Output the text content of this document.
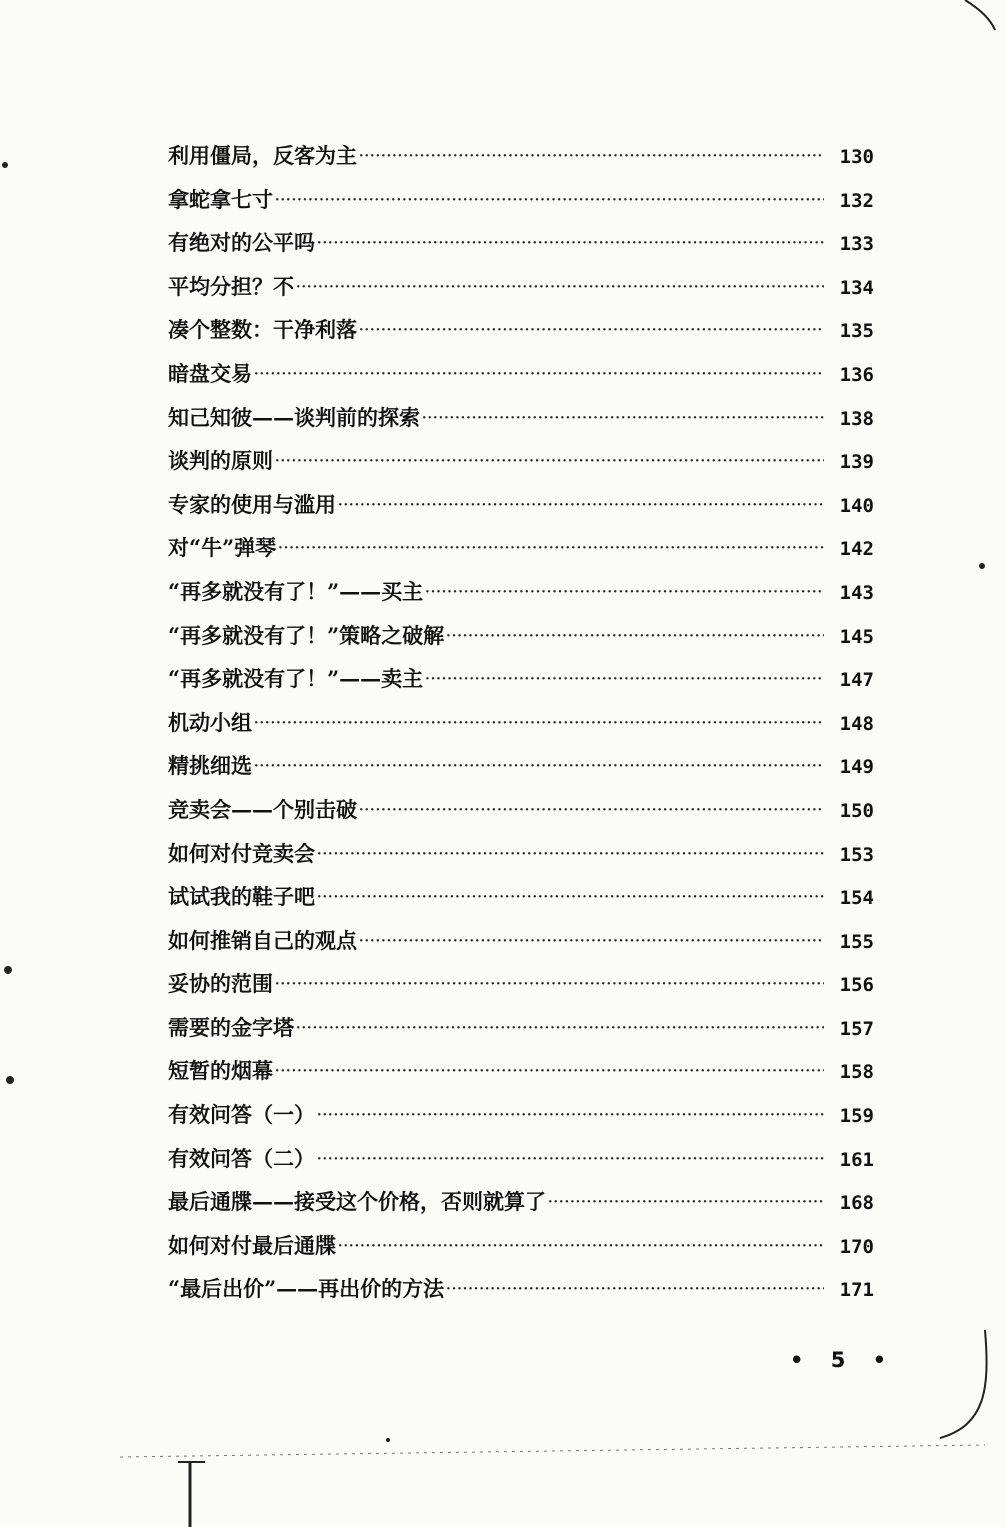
利用僵局，反客为主 ·····	130
拿蛇拿七寸 ·····	132
有绝对的公平吗 ·····	133
平均分担？不 ·····	134
凑个整数：干净利落 ·····	135
暗盘交易 ·····	136
知己知彼——谈判前的探索 ·····	138
谈判的原则 ·····	139
专家的使用与滥用 ·····	140
对“牛”弹琴 ·····	142
“再多就没有了！”——买主 ·····	143
“再多就没有了！”策略之破解 ·····	145
“再多就没有了！”——卖主 ·····	147
机动小组 ·····	148
精挑细选 ·····	149
竞卖会——个别击破 ·····	150
如何对付竞卖会 ·····	153
试试我的鞋子吧 ·····	154
如何推销自己的观点 ·····	155
妥协的范围 ·····	156
需要的金字塔 ·····	157
短暂的烟幕 ·····	158
有效问答（一） ·····	159
有效问答（二） ·····	161
最后通牒——接受这个价格，否则就算了 ·····	168
如何对付最后通牒 ·····	170
“最后出价”——再出价的方法 ·····	171
• 5 •
